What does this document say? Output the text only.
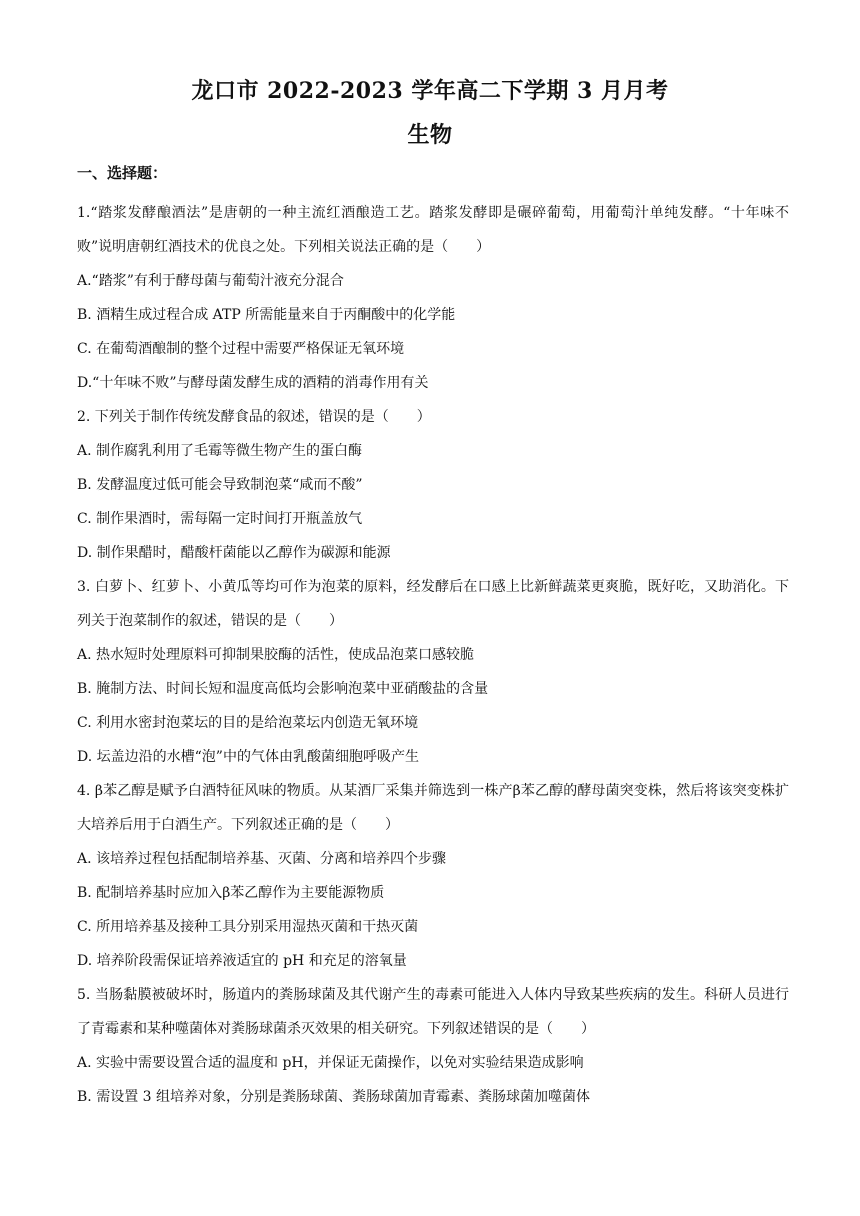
龙口市 2022-2023 学年高二下学期 3 月月考
生物
一、选择题：

1.“踏浆发酵酿酒法”是唐朝的一种主流红酒酿造工艺。踏浆发酵即是碾碎葡萄，用葡萄汁单纯发酵。“十年味不败”说明唐朝红酒技术的优良之处。下列相关说法正确的是（　　）

A.“踏浆”有利于酵母菌与葡萄汁液充分混合

B. 酒精生成过程合成 ATP 所需能量来自于丙酮酸中的化学能

C. 在葡萄酒酿制的整个过程中需要严格保证无氧环境

D.“十年味不败”与酵母菌发酵生成的酒精的消毒作用有关

2. 下列关于制作传统发酵食品的叙述，错误的是（　　）

A. 制作腐乳利用了毛霉等微生物产生的蛋白酶

B. 发酵温度过低可能会导致制泡菜“咸而不酸”

C. 制作果酒时，需每隔一定时间打开瓶盖放气

D. 制作果醋时，醋酸杆菌能以乙醇作为碳源和能源

3. 白萝卜、红萝卜、小黄瓜等均可作为泡菜的原料，经发酵后在口感上比新鲜蔬菜更爽脆，既好吃，又助消化。下列关于泡菜制作的叙述，错误的是（　　）

A. 热水短时处理原料可抑制果胶酶的活性，使成品泡菜口感较脆

B. 腌制方法、时间长短和温度高低均会影响泡菜中亚硝酸盐的含量

C. 利用水密封泡菜坛的目的是给泡菜坛内创造无氧环境

D. 坛盖边沿的水槽“泡”中的气体由乳酸菌细胞呼吸产生

4. β苯乙醇是赋予白酒特征风味的物质。从某酒厂采集并筛选到一株产β苯乙醇的酵母菌突变株，然后将该突变株扩大培养后用于白酒生产。下列叙述正确的是（　　）

A. 该培养过程包括配制培养基、灭菌、分离和培养四个步骤

B. 配制培养基时应加入β苯乙醇作为主要能源物质

C. 所用培养基及接种工具分别采用湿热灭菌和干热灭菌

D. 培养阶段需保证培养液适宜的 pH 和充足的溶氧量

5. 当肠黏膜被破坏时，肠道内的粪肠球菌及其代谢产生的毒素可能进入人体内导致某些疾病的发生。科研人员进行了青霉素和某种噬菌体对粪肠球菌杀灭效果的相关研究。下列叙述错误的是（　　）

A. 实验中需要设置合适的温度和 pH，并保证无菌操作，以免对实验结果造成影响

B. 需设置 3 组培养对象，分别是粪肠球菌、粪肠球菌加青霉素、粪肠球菌加噬菌体
